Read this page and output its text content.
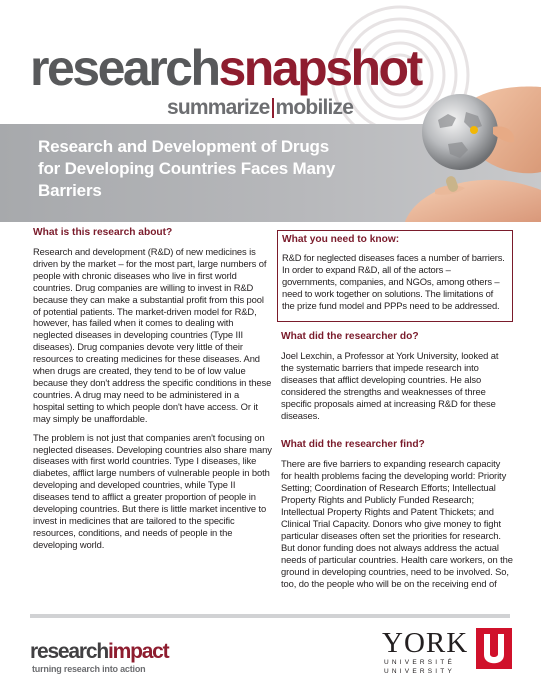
research snapshot
summarize mobilize
Research and Development of Drugs
for Developing Countries Faces Many
Barriers
What is this research about?

Research and development (R&D) of new medicines is driven by the market – for the most part, large numbers of people with chronic diseases who live in first world countries. Drug companies are willing to invest in R&D because they can make a substantial profit from this pool of potential patients. The market-driven model for R&D, however, has failed when it comes to dealing with neglected diseases in developing countries (Type III diseases). Drug companies devote very little of their resources to creating medicines for these diseases. And when drugs are created, they tend to be of low value because they don't address the specific conditions in these countries. A drug may need to be administered in a hospital setting to which people don't have access. Or it may simply be unaffordable.

The problem is not just that companies aren't focusing on neglected diseases. Developing countries also share many diseases with first world countries. Type I diseases, like diabetes, afflict large numbers of vulnerable people in both developing and developed countries, while Type II diseases tend to afflict a greater proportion of people in developing countries. But there is little market incentive to invest in medicines that are tailored to the specific resources, conditions, and needs of people in the developing world.

What you need to know:

R&D for neglected diseases faces a number of barriers. In order to expand R&D, all of the actors – governments, companies, and NGOs, among others – need to work together on solutions. The limitations of the prize fund model and PPPs need to be addressed.

What did the researcher do?

Joel Lexchin, a Professor at York University, looked at the systematic barriers that impede research into diseases that afflict developing countries. He also considered the strengths and weaknesses of three specific proposals aimed at increasing R&D for these diseases.

What did the researcher find?

There are five barriers to expanding research capacity for health problems facing the developing world: Priority Setting; Coordination of Research Efforts; Intellectual Property Rights and Publicly Funded Research; Intellectual Property Rights and Patent Thickets; and Clinical Trial Capacity. Donors who give money to fight particular diseases often set the priorities for research. But donor funding does not always address the actual needs of particular countries. Health care workers, on the ground in developing countries, need to be involved. So, too, do the people who will be on the receiving end of

research impact
turning research into action
YORK
UNIVERSITÉ
UNIVERSITY
